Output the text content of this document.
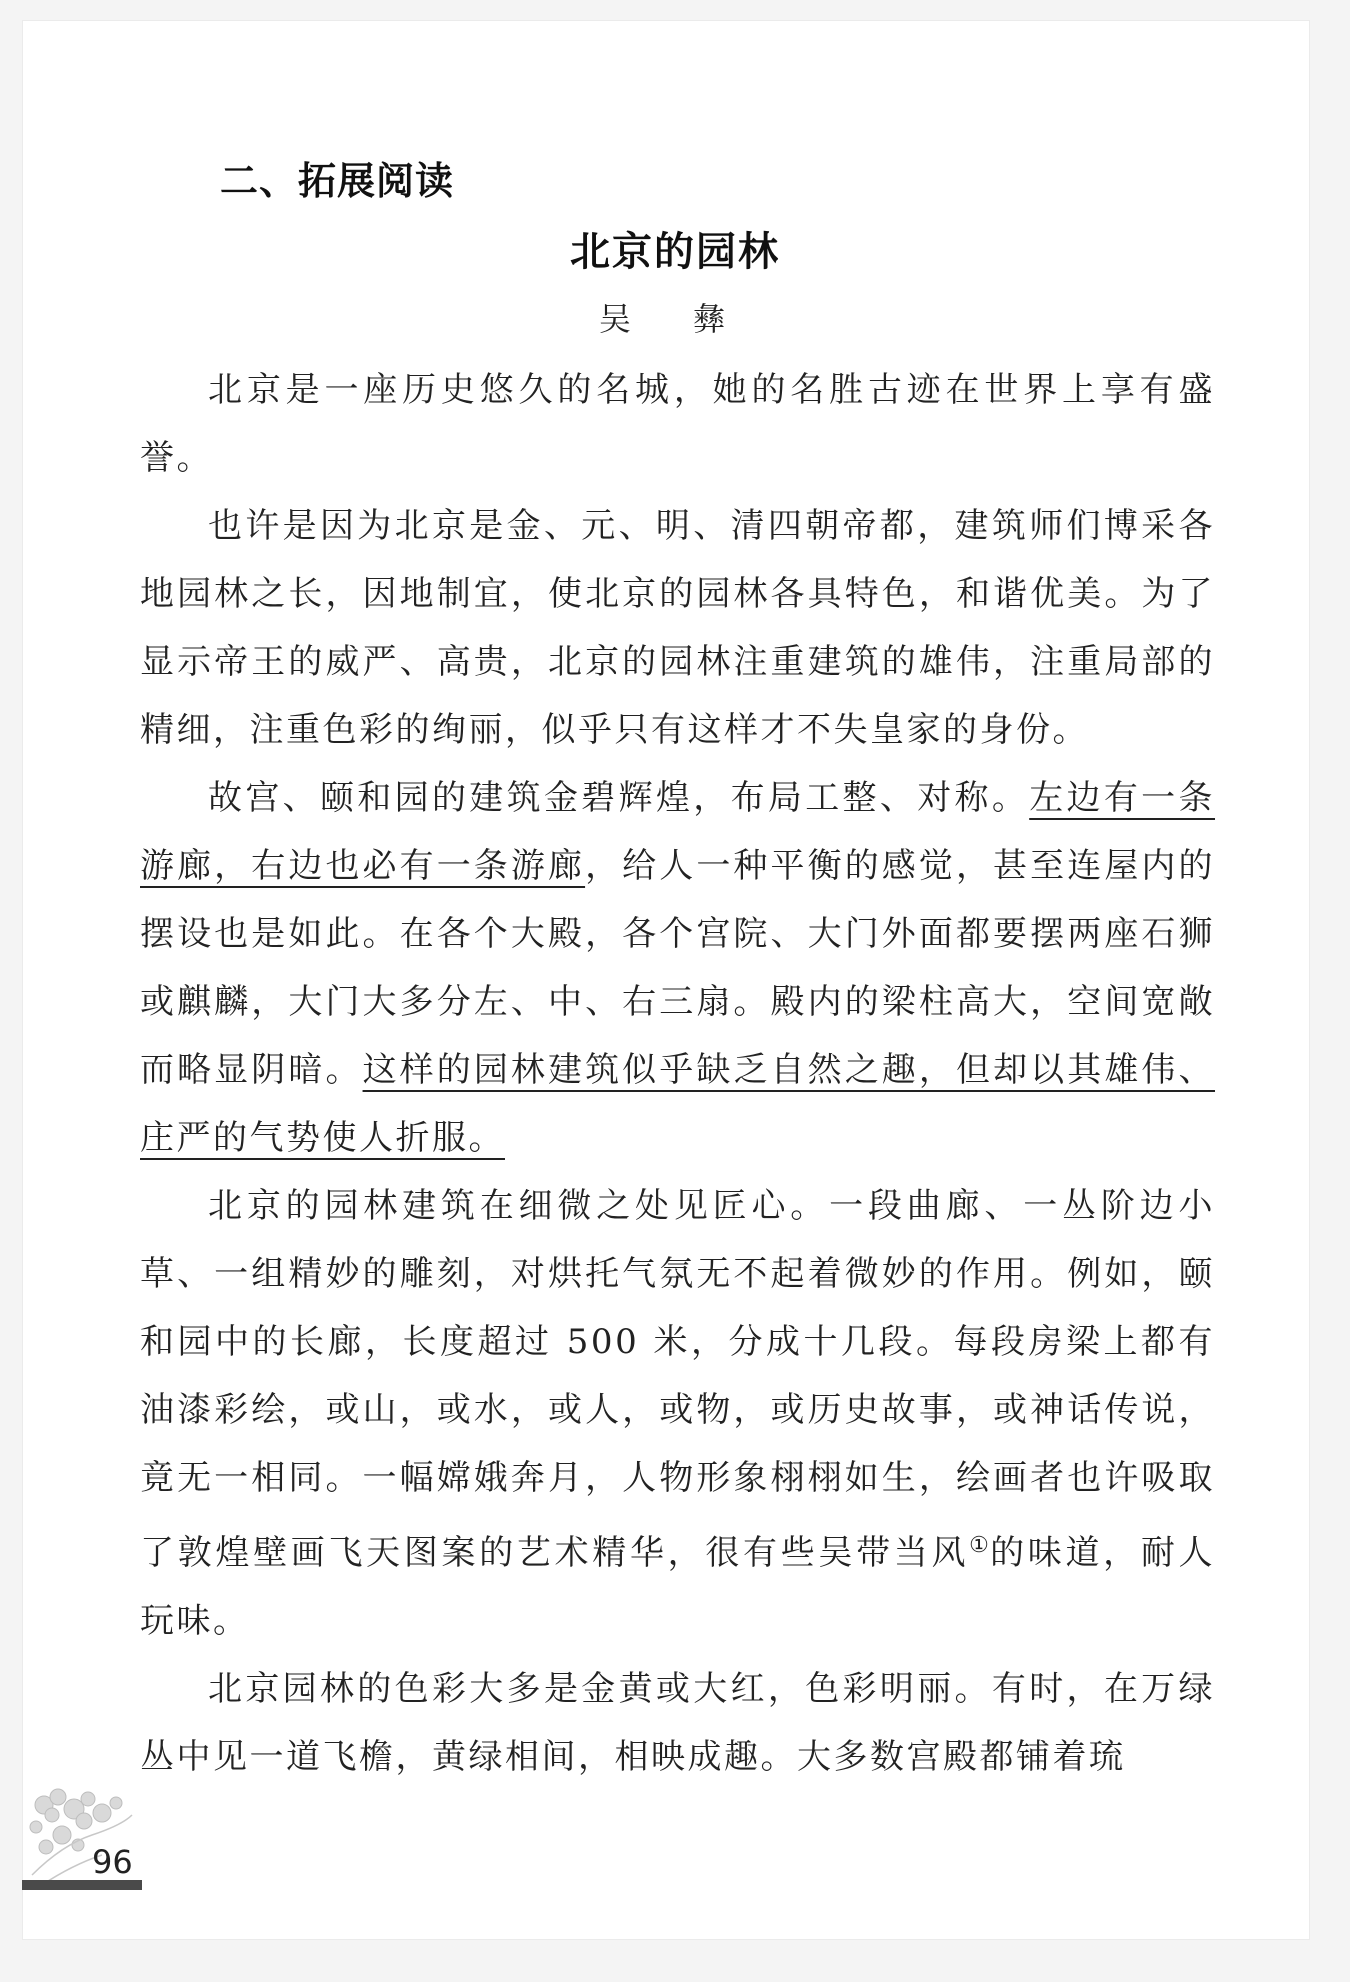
二、拓展阅读
北京的园林
吴 彝

北京是一座历史悠久的名城，她的名胜古迹在世界上享有盛誉。

也许是因为北京是金、元、明、清四朝帝都，建筑师们博采各地园林之长，因地制宜，使北京的园林各具特色，和谐优美。为了显示帝王的威严、高贵，北京的园林注重建筑的雄伟，注重局部的精细，注重色彩的绚丽，似乎只有这样才不失皇家的身份。

故宫、颐和园的建筑金碧辉煌，布局工整、对称。左边有一条游廊，右边也必有一条游廊，给人一种平衡的感觉，甚至连屋内的摆设也是如此。在各个大殿，各个宫院、大门外面都要摆两座石狮或麒麟，大门大多分左、中、右三扇。殿内的梁柱高大，空间宽敞而略显阴暗。这样的园林建筑似乎缺乏自然之趣，但却以其雄伟、庄严的气势使人折服。

北京的园林建筑在细微之处见匠心。一段曲廊、一丛阶边小草、一组精妙的雕刻，对烘托气氛无不起着微妙的作用。例如，颐和园中的长廊，长度超过 500 米，分成十几段。每段房梁上都有油漆彩绘，或山，或水，或人，或物，或历史故事，或神话传说，竟无一相同。一幅嫦娥奔月，人物形象栩栩如生，绘画者也许吸取了敦煌壁画飞天图案的艺术精华，很有些吴带当风①的味道，耐人玩味。

北京园林的色彩大多是金黄或大红，色彩明丽。有时，在万绿丛中见一道飞檐，黄绿相间，相映成趣。大多数宫殿都铺着琉

96
